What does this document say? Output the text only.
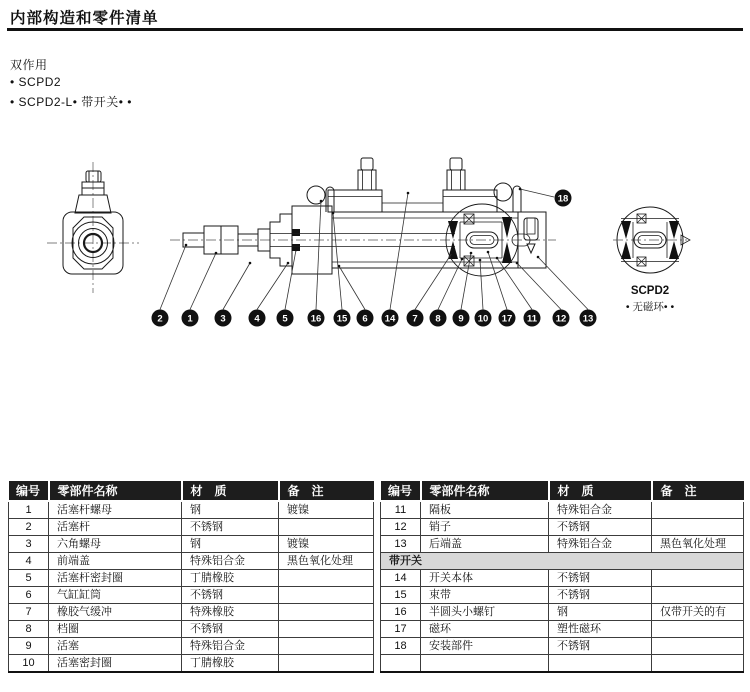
内部构造和零件清单
双作用
• SCPD2
• SCPD2-L• 带开关• •
SCPD2
• 无磁环• •
2	1	3	4 5 16 15 6 14 7 8 9 10 17 11 12 13
18
编号	零部件名称	材　质	备　注
1	活塞杆螺母	钢	镀镍
2	活塞杆	不锈钢	
3	六角螺母	钢	镀镍
4	前端盖	特殊铝合金	黑色氧化处理
5	活塞杆密封圈	丁腈橡胶	
6	气缸缸筒	不锈钢	
7	橡胶气缓冲	特殊橡胶	
8	档圈	不锈钢	
9	活塞	特殊铝合金	
10	活塞密封圈	丁腈橡胶	
编号	零部件名称	材　质	备　注
11	隔板	特殊铝合金	
12	销子	不锈钢	
13	后端盖	特殊铝合金	黑色氧化处理
带开关			
14	开关本体	不锈钢	
15	束带	不锈钢	
16	半圆头小螺钉	钢	仅带开关的有
17	磁环	塑性磁环	
18	安装部件	不锈钢	
